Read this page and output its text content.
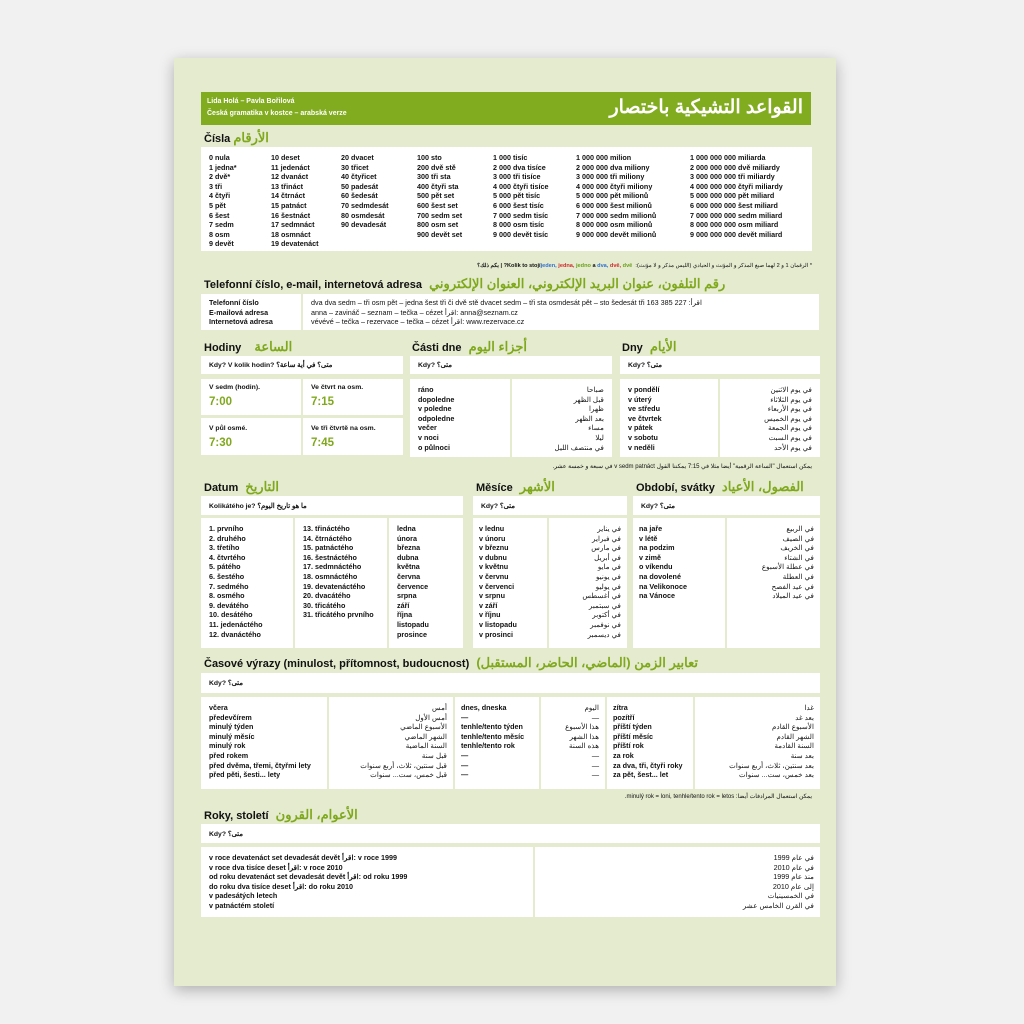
Lida Holá – Pavla Bořilová
Česká gramatika v kostce – arabská verze	القواعد التشيكية باختصار
Čísla الأرقام
0 nula
1 jedna*
2 dvě*
3 tři
4 čtyři
5 pět
6 šest
7 sedm
8 osm
9 devět
10 deset
11 jedenáct
12 dvanáct
13 třináct
14 čtrnáct
15 patnáct
16 šestnáct
17 sedmnáct
18 osmnáct
19 devatenáct
20 dvacet
30 třicet
40 čtyřicet
50 padesát
60 šedesát
70 sedmdesát
80 osmdesát
90 devadesát
100 sto
200 dvě stě
300 tři sta
400 čtyři sta
500 pět set
600 šest set
700 sedm set
800 osm set
900 devět set
1 000 tisíc
2 000 dva tisíce
3 000 tři tisíce
4 000 čtyři tisíce
5 000 pět tisíc
6 000 šest tisíc
7 000 sedm tisíc
8 000 osm tisíc
9 000 devět tisíc
1 000 000 milion
2 000 000 dva miliony
3 000 000 tři miliony
4 000 000 čtyři miliony
5 000 000 pět milionů
6 000 000 šest milionů
7 000 000 sedm milionů
8 000 000 osm milionů
9 000 000 devět milionů
1 000 000 000 miliarda
2 000 000 000 dvě miliardy
3 000 000 000 tři miliardy
4 000 000 000 čtyři miliardy
5 000 000 000 pět miliard
6 000 000 000 šest miliard
7 000 000 000 sedm miliard
8 000 000 000 osm miliard
9 000 000 000 devět miliard
* الرقمان 1 و 2 لهما صيغ المذكر و المؤنث و الحيادي (الليس مذكر و لا مؤنث): jeden, jedna, jedno a dva, dvě, dvě Kolik to stojí? | بكم ذلك؟
Telefonní číslo, e-mail, internetová adresa رقم التلفون، عنوان البريد الإلكتروني، العنوان الإلكتروني
Telefonní číslo
E-mailová adresa
Internetová adresa
dva dva sedm – tři osm pět – jedna šest tři či dvě stě dvacet sedm – tři sta osmdesát pět – sto šedesát tři اقرأ: 227 385 163
anna – zavináč – seznam – tečka – cézet اقرأ: anna@seznam.cz
vévévé – tečka – rezervace – tečka – cézet اقرأ: www.rezervace.cz
Hodiny الساعة
Kdy? V kolik hodin? متى؟ في أية ساعة؟
V sedm (hodin).
7:00
Ve čtvrt na osm.
7:15
V půl osmé.
7:30
Ve tři čtvrtě na osm.
7:45
Části dne أجزاء اليوم
Kdy? متى؟
ráno
dopoledne
v poledne
odpoledne
večer
v noci
o půlnoci
صباحا
قبل الظهر
ظهرا
بعد الظهر
مساء
ليلا
في منتصف الليل
Dny الأيام
Kdy? متى؟
v pondělí
v úterý
ve středu
ve čtvrtek
v pátek
v sobotu
v neděli
في يوم الاثنين
في يوم الثلاثاء
في يوم الأربعاء
في يوم الخميس
في يوم الجمعة
في يوم السبت
في يوم الأحد
يمكن استعمال "الساعة الرقمية" أيضا مثلا في 7:15 يمكننا القول v sedm patnáct في سبعة و خمسة عشر.
Datum التاريخ
Kolikátého je? ما هو تاريخ اليوم؟
1. prvního
2. druhého
3. třetího
4. čtvrtého
5. pátého
6. šestého
7. sedmého
8. osmého
9. devátého
10. desátého
11. jedenáctého
12. dvanáctého
13. třináctého
14. čtrnáctého
15. patnáctého
16. šestnáctého
17. sedmnáctého
18. osmnáctého
19. devatenáctého
20. dvacátého
30. třicátého
31. třicátého prvního
ledna
února
března
dubna
května
června
července
srpna
září
října
listopadu
prosince
Měsíce الأشهر
Kdy? متى؟
v lednu
v únoru
v březnu
v dubnu
v květnu
v červnu
v červenci
v srpnu
v září
v říjnu
v listopadu
v prosinci
في يناير
في فبراير
في مارس
في أبريل
في مايو
في يونيو
في يوليو
في أغسطس
في سبتمبر
في أكتوبر
في نوفمبر
في ديسمبر
Období, svátky الفصول، الأعياد
Kdy? متى؟
na jaře
v létě
na podzim
v zimě
o víkendu
na dovolené
na Velikonoce
na Vánoce
في الربيع
في الصيف
في الخريف
في الشتاء
في عطلة الأسبوع
في العطلة
في عيد الفصح
في عيد الميلاد
Časové výrazy (minulost, přítomnost, budoucnost) تعابير الزمن (الماضي، الحاضر، المستقبل)
Kdy? متى؟
včera
předevčírem
minulý týden
minulý měsíc
minulý rok
před rokem
před dvěma, třemi, čtyřmi lety
před pěti, šesti... lety
أمس
أمس الأول
الأسبوع الماضي
الشهر الماضي
السنة الماضية
قبل سنة
قبل سنتين، ثلاث، أربع سنوات
قبل خمس، ست... سنوات
dnes, dneska
—
tenhle/tento týden
tenhle/tento měsíc
tenhle/tento rok
—
—
—
اليوم
—
هذا الأسبوع
هذا الشهر
هذه السنة
—
—
—
zítra
pozítří
příští týden
příští měsíc
příští rok
za rok
za dva, tři, čtyři roky
za pět, šest... let
غدا
بعد غد
الأسبوع القادم
الشهر القادم
السنة القادمة
بعد سنة
بعد سنتين، ثلاث، أربع سنوات
بعد خمس، ست... سنوات
يمكن استعمال المرادفات أيضا: minulý rok = loni, tenhle/tento rok = letos.
Roky, století الأعوام، القرون
Kdy? متى؟
v roce devatenáct set devadesát devět اقرأ: v roce 1999
v roce dva tisíce deset اقرأ: v roce 2010
od roku devatenáct set devadesát devět اقرأ: od roku 1999
do roku dva tisíce deset اقرأ: do roku 2010
v padesátých letech
v patnáctém století
في عام 1999
في عام 2010
منذ عام 1999
إلى عام 2010
في الخمسينيات
في القرن الخامس عشر
